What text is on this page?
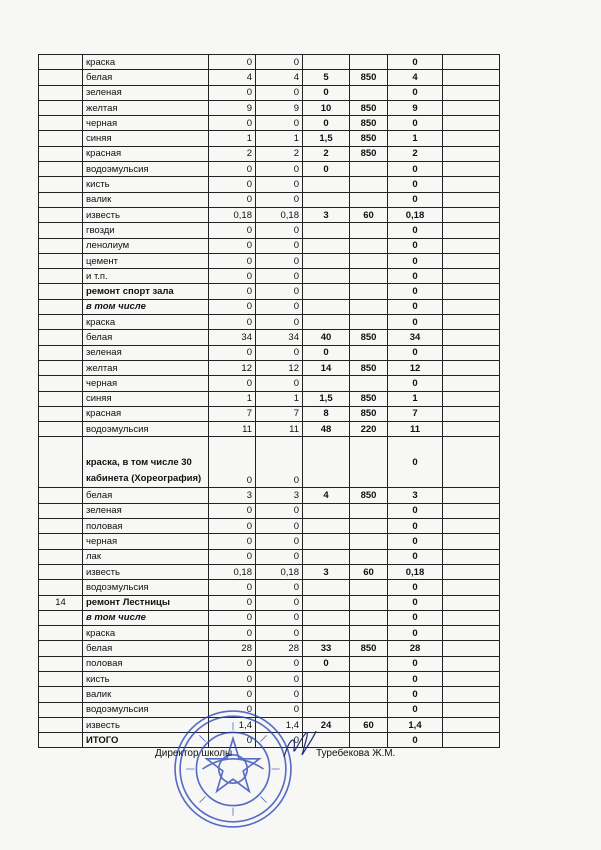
	краска	0	0			0	
	белая	4	4	5	850	4	
	зеленая	0	0	0		0	
	желтая	9	9	10	850	9	
	черная	0	0	0	850	0	
	синяя	1	1	1,5	850	1	
	красная	2	2	2	850	2	
	водоэмульсия	0	0	0		0	
	кисть	0	0			0	
	валик	0	0			0	
	известь	0,18	0,18	3	60	0,18	
	гвозди	0	0			0	
	ленолиум	0	0			0	
	цемент	0	0			0	
	и т.п.	0	0			0	
	ремонт спорт зала	0	0			0	
	в том числе	0	0			0	
	краска	0	0			0	
	белая	34	34	40	850	34	
	зеленая	0	0	0		0	
	желтая	12	12	14	850	12	
	черная	0	0			0	
	синяя	1	1	1,5	850	1	
	красная	7	7	8	850	7	
	водоэмульсия	11	11	48	220	11	
	краска, в том числе 30 кабинета (Хореография)	0	0			0	
	белая	3	3	4	850	3	
	зеленая	0	0			0	
	половая	0	0			0	
	черная	0	0			0	
	лак	0	0			0	
	известь	0,18	0,18	3	60	0,18	
	водоэмульсия	0	0			0	
14	ремонт Лестницы	0	0			0	
	в том числе	0	0			0	
	краска	0	0			0	
	белая	28	28	33	850	28	
	половая	0	0	0		0	
	кисть	0	0			0	
	валик	0	0			0	
	водоэмульсия	0	0			0	
	известь	1,4	1,4	24	60	1,4	
	ИТОГО	0	0			0	
Директор школы	Туребекова Ж.М.
